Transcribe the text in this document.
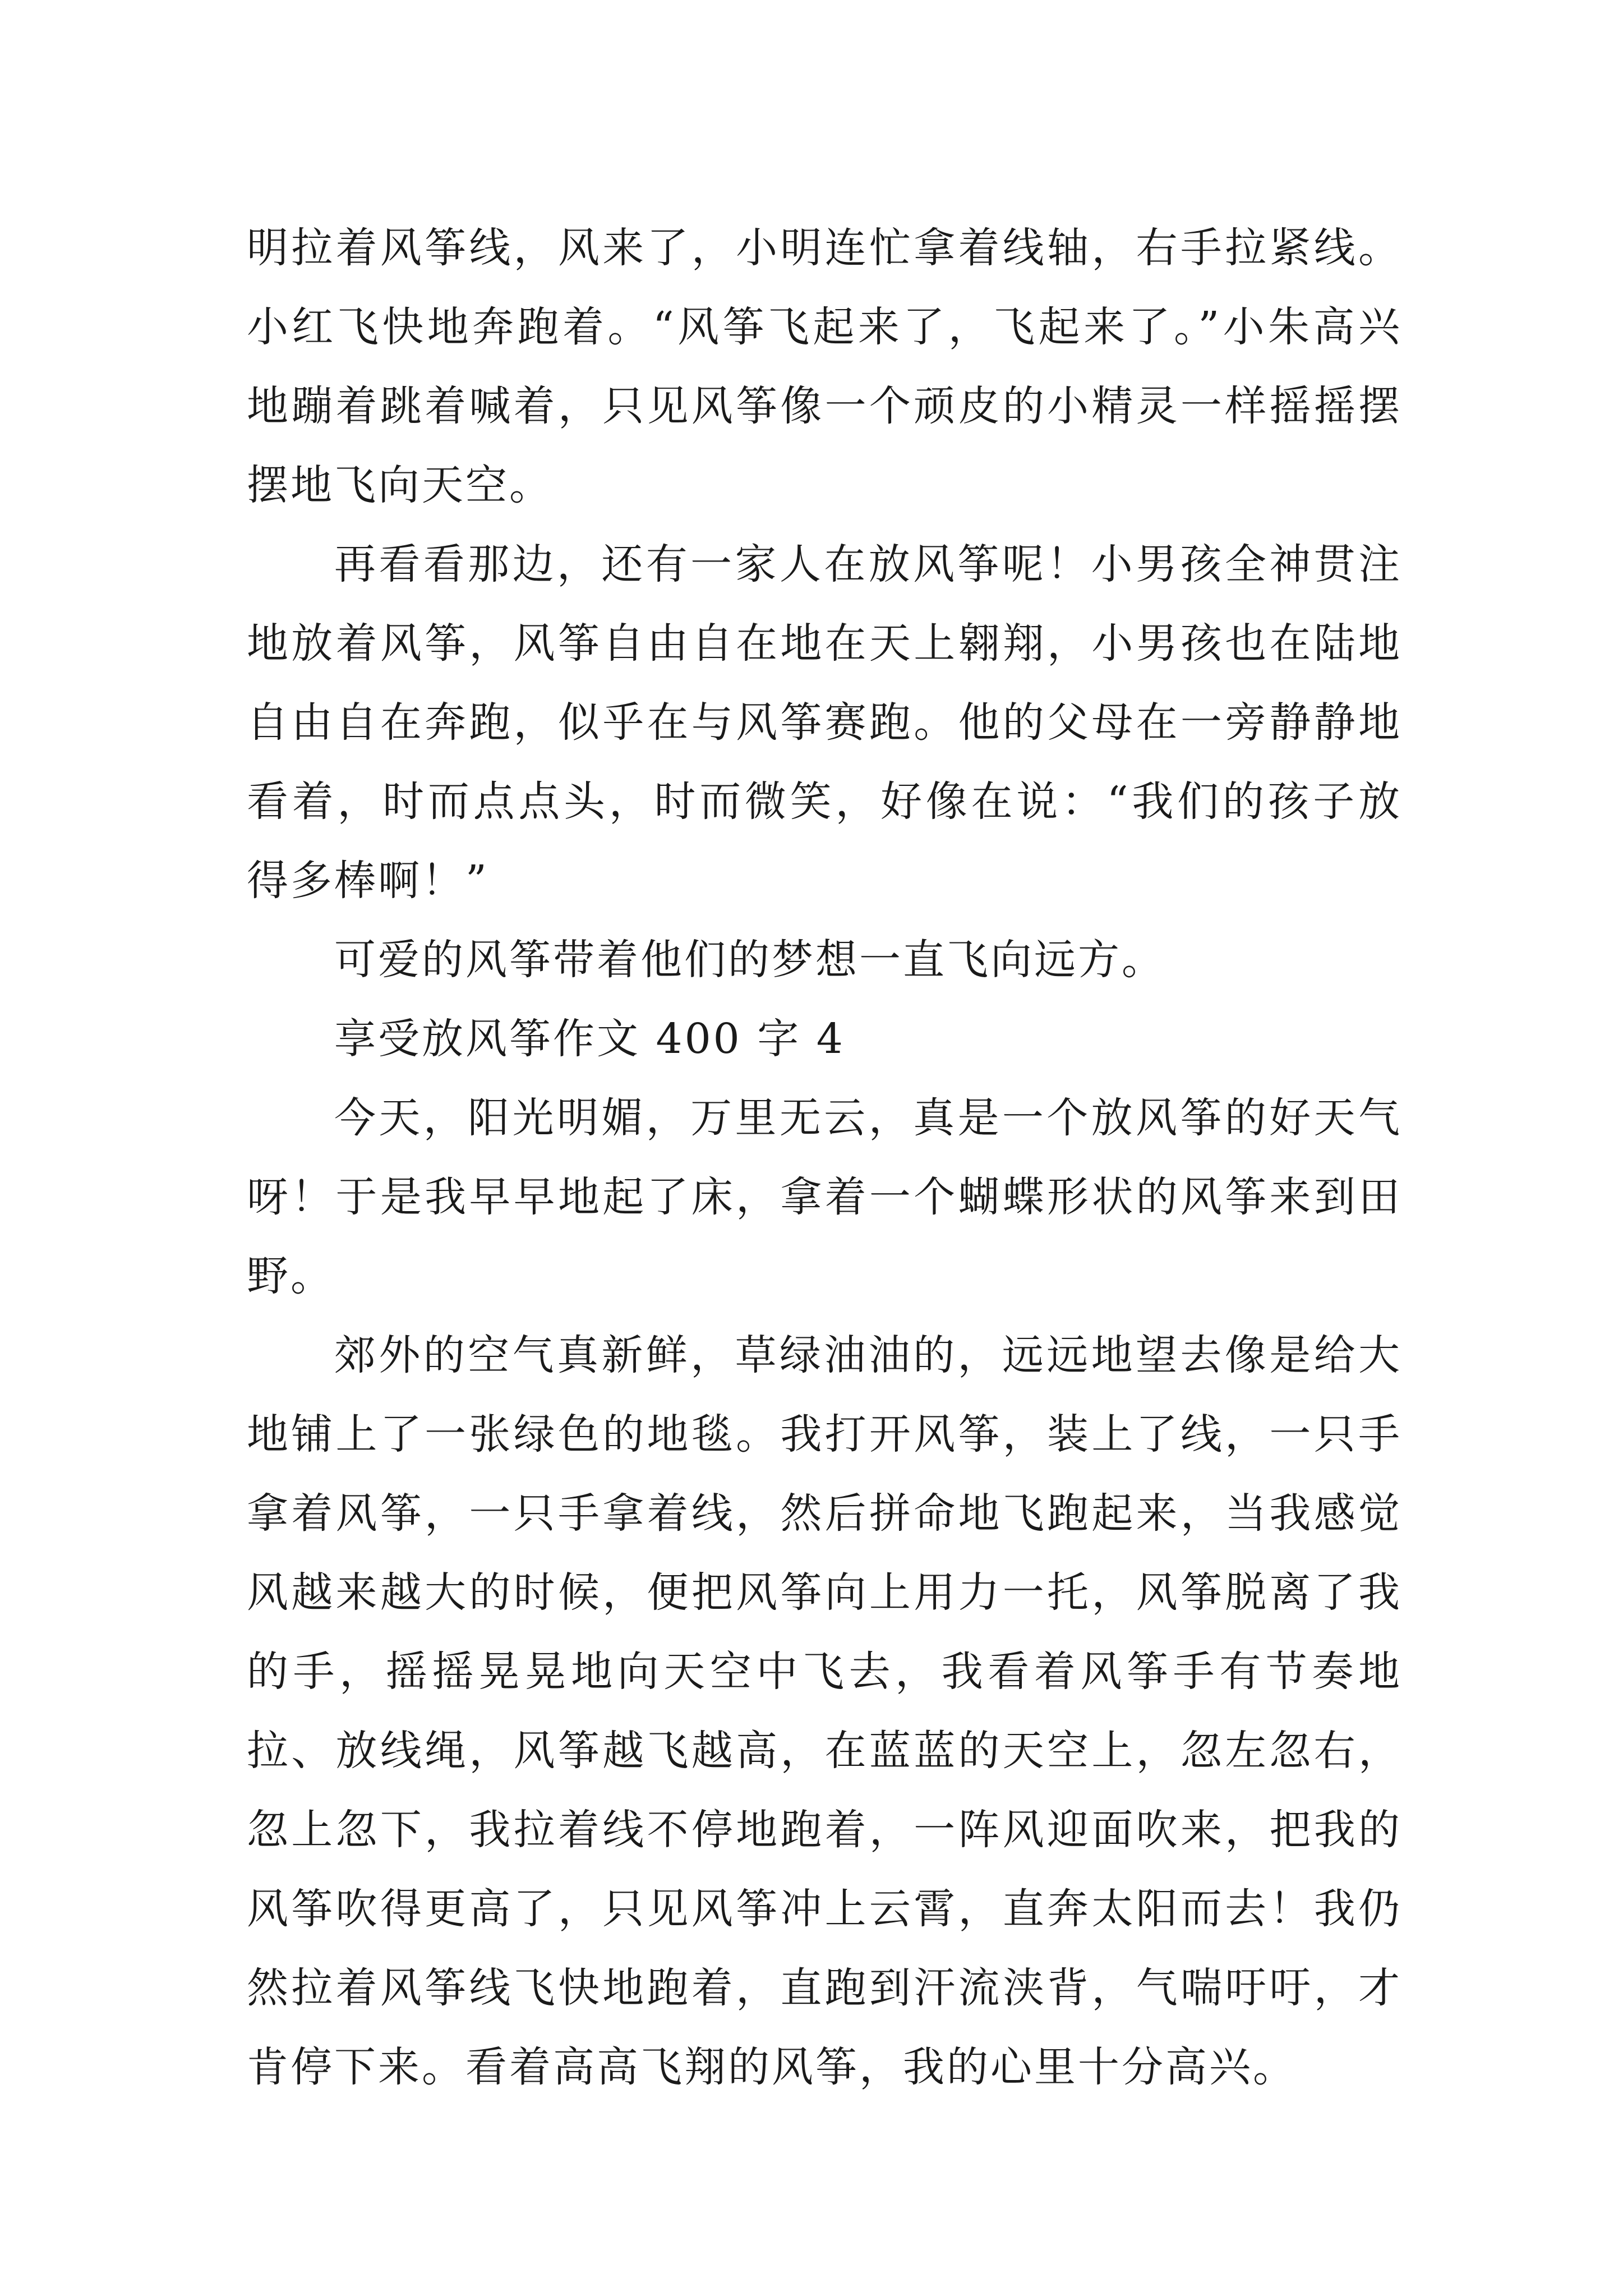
明拉着风筝线，风来了，小明连忙拿着线轴，右手拉紧线。小红飞快地奔跑着。“风筝飞起来了，飞起来了。”小朱高兴地蹦着跳着喊着，只见风筝像一个顽皮的小精灵一样摇摇摆摆地飞向天空。

再看看那边，还有一家人在放风筝呢！小男孩全神贯注地放着风筝，风筝自由自在地在天上翱翔，小男孩也在陆地自由自在奔跑，似乎在与风筝赛跑。他的父母在一旁静静地看着，时而点点头，时而微笑，好像在说：“我们的孩子放得多棒啊！”

可爱的风筝带着他们的梦想一直飞向远方。

享受放风筝作文 400 字 4

今天，阳光明媚，万里无云，真是一个放风筝的好天气呀！于是我早早地起了床，拿着一个蝴蝶形状的风筝来到田野。

郊外的空气真新鲜，草绿油油的，远远地望去像是给大地铺上了一张绿色的地毯。我打开风筝，装上了线，一只手拿着风筝，一只手拿着线，然后拼命地飞跑起来，当我感觉风越来越大的时候，便把风筝向上用力一托，风筝脱离了我的手，摇摇晃晃地向天空中飞去，我看着风筝手有节奏地拉、放线绳，风筝越飞越高，在蓝蓝的天空上，忽左忽右，忽上忽下，我拉着线不停地跑着，一阵风迎面吹来，把我的风筝吹得更高了，只见风筝冲上云霄，直奔太阳而去！我仍然拉着风筝线飞快地跑着，直跑到汗流浃背，气喘吁吁，才肯停下来。看着高高飞翔的风筝，我的心里十分高兴。
